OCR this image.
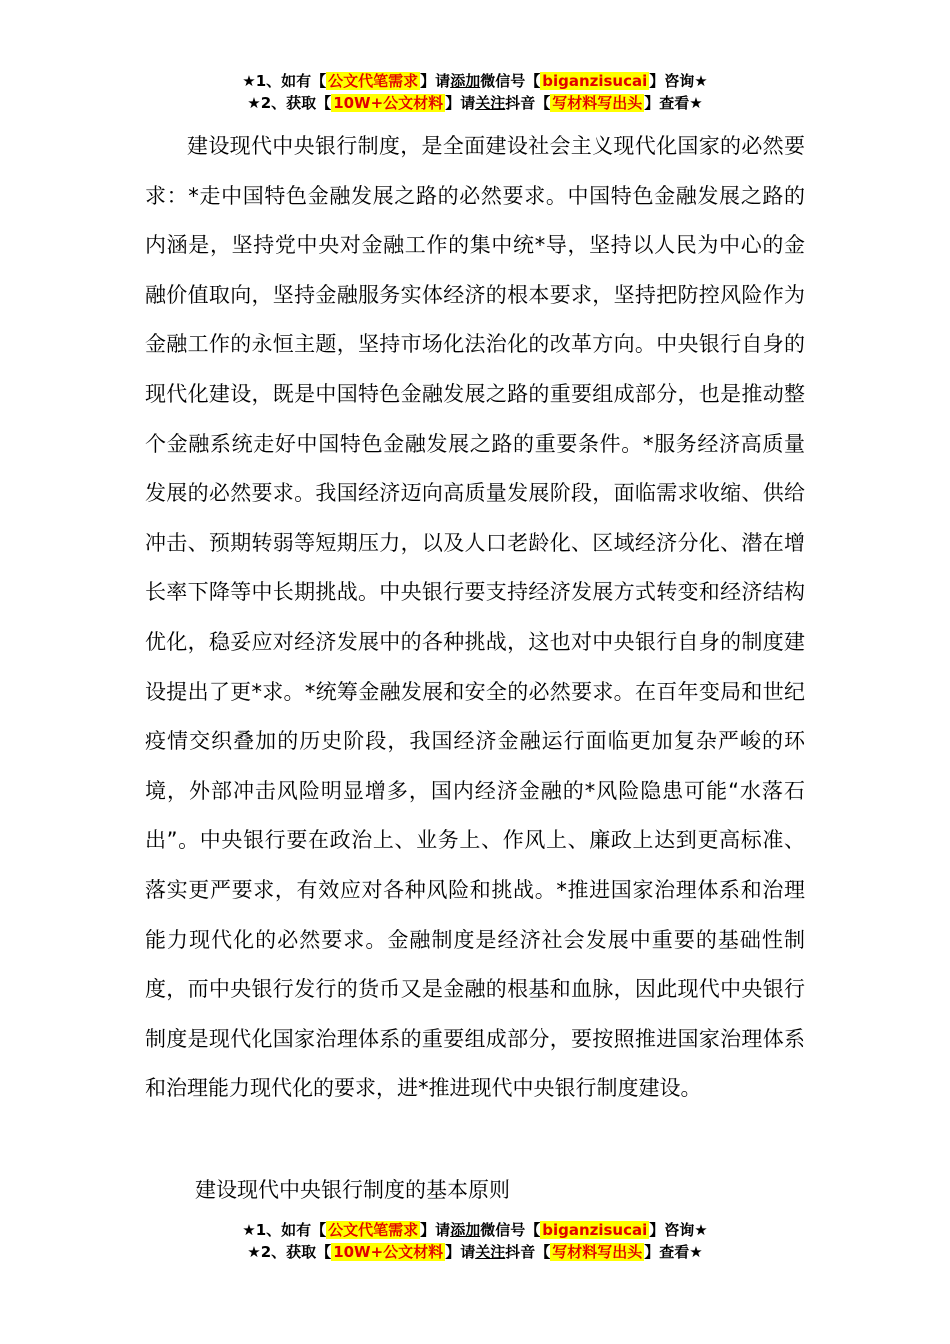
★1、如有【 公文代笔需求 】请添加微信号【 biganzisucai 】咨询★
★2、获取【 10W+公文材料 】请关注抖音【 写材料写出头 】查看★

建设现代中央银行制度，是全面建设社会主义现代化国家的必然要求：*走中国特色金融发展之路的必然要求。中国特色金融发展之路的内涵是，坚持党中央对金融工作的集中统*导，坚持以人民为中心的金融价值取向，坚持金融服务实体经济的根本要求，坚持把防控风险作为金融工作的永恒主题，坚持市场化法治化的改革方向。中央银行自身的现代化建设，既是中国特色金融发展之路的重要组成部分，也是推动整个金融系统走好中国特色金融发展之路的重要条件。*服务经济高质量发展的必然要求。我国经济迈向高质量发展阶段，面临需求收缩、供给冲击、预期转弱等短期压力，以及人口老龄化、区域经济分化、潜在增长率下降等中长期挑战。中央银行要支持经济发展方式转变和经济结构优化，稳妥应对经济发展中的各种挑战，这也对中央银行自身的制度建设提出了更*求。*统筹金融发展和安全的必然要求。在百年变局和世纪疫情交织叠加的历史阶段，我国经济金融运行面临更加复杂严峻的环境，外部冲击风险明显增多，国内经济金融的*风险隐患可能“水落石出”。中央银行要在政治上、业务上、作风上、廉政上达到更高标准、落实更严要求，有效应对各种风险和挑战。*推进国家治理体系和治理能力现代化的必然要求。金融制度是经济社会发展中重要的基础性制度，而中央银行发行的货币又是金融的根基和血脉，因此现代中央银行制度是现代化国家治理体系的重要组成部分，要按照推进国家治理体系和治理能力现代化的要求，进*推进现代中央银行制度建设。

建设现代中央银行制度的基本原则
★1、如有【 公文代笔需求 】请添加微信号【 biganzisucai 】咨询★
★2、获取【 10W+公文材料 】请关注抖音【 写材料写出头 】查看★
